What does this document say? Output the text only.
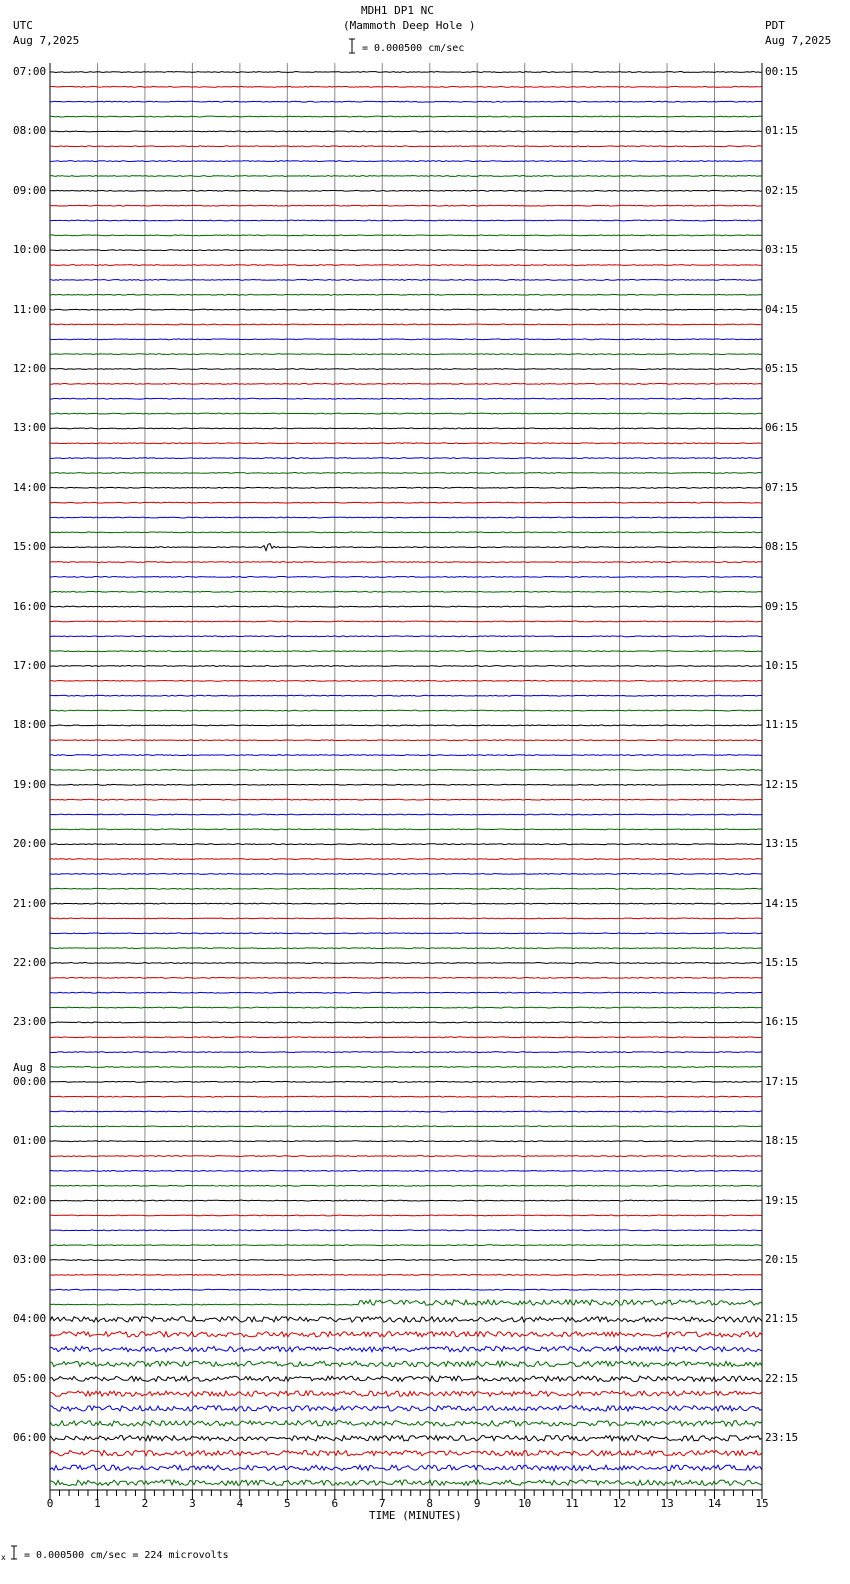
MDH1 DP1 NC
(Mammoth Deep Hole )
= 0.000500 cm/sec
UTC
Aug 7,2025
PDT
Aug 7,2025
07:00
08:00
09:00
10:00
11:00
12:00
13:00
14:00
15:00
16:00
17:00
18:00
19:00
20:00
21:00
22:00
23:00
00:00
01:00
02:00
03:00
04:00
05:00
06:00
00:15
01:15
02:15
03:15
04:15
05:15
06:15
07:15
08:15
09:15
10:15
11:15
12:15
13:15
14:15
15:15
16:15
17:15
18:15
19:15
20:15
21:15
22:15
23:15
Aug 8
0	1	2	3	4	5	6	7	8	9	10	11	12	13	14	15
TIME (MINUTES)
= 0.000500 cm/sec = 224 microvolts
x
